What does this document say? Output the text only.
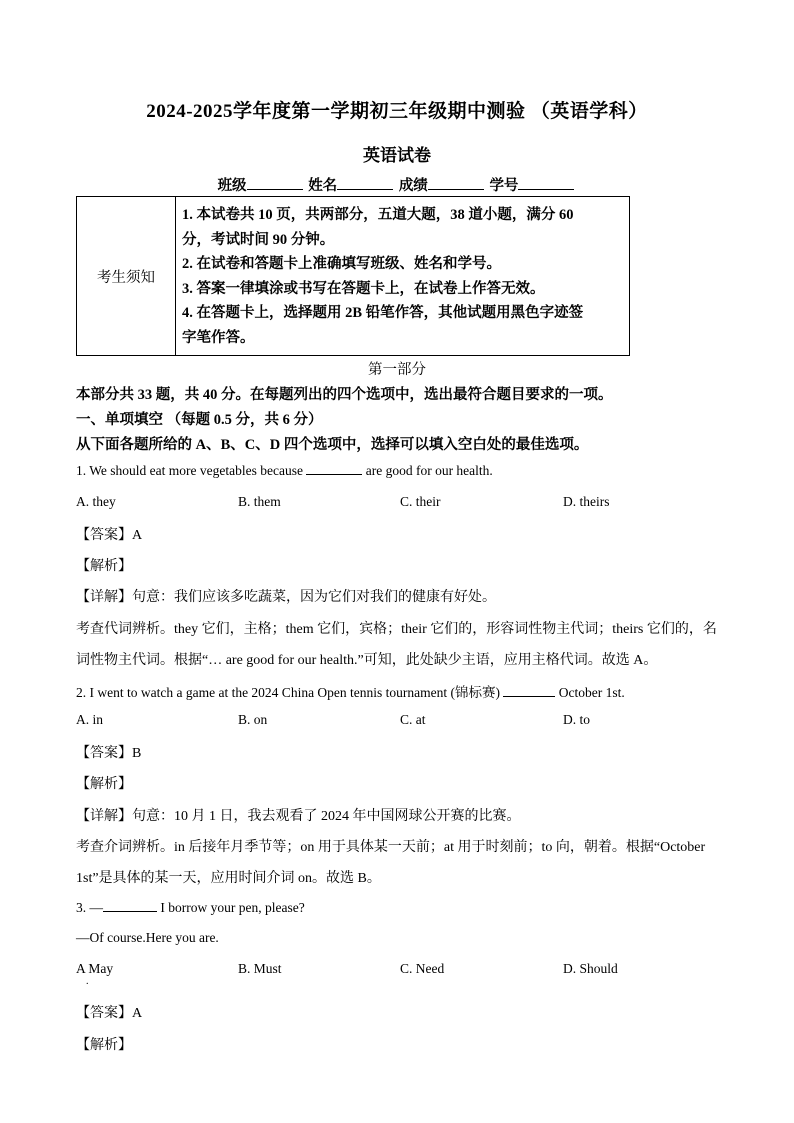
2024-2025学年度第一学期初三年级期中测验 （英语学科）
英语试卷
班级	姓名	成绩	学号
考生须知	
1. 本试卷共 10 页，共两部分，五道大题，38 道小题，满分 60
分，考试时间 90 分钟。
2. 在试卷和答题卡上准确填写班级、姓名和学号。
3. 答案一律填涂或书写在答题卡上，在试卷上作答无效。
4. 在答题卡上，选择题用 2B 铅笔作答，其他试题用黑色字迹签
字笔作答。
第一部分
本部分共 33 题，共 40 分。在每题列出的四个选项中，选出最符合题目要求的一项。
一、单项填空 （每题 0.5 分，共 6 分）
从下面各题所给的 A、B、C、D 四个选项中，选择可以填入空白处的最佳选项。
1. We should eat more vegetables because	are good for our health.
A. they	B. them	C. their	D. theirs
【答案】A
【解析】
【详解】句意：我们应该多吃蔬菜，因为它们对我们的健康有好处。
考查代词辨析。they 它们，主格；them 它们，宾格；their 它们的，形容词性物主代词；theirs 它们的，名
词性物主代词。根据“… are good for our health.”可知，此处缺少主语，应用主格代词。故选 A。
2. I went to watch a game at the 2024 China Open tennis tournament (锦标赛)	October 1st.
A. in	B. on	C. at	D. to
【答案】B
【解析】
【详解】句意：10 月 1 日，我去观看了 2024 年中国网球公开赛的比赛。
考查介词辨析。in 后接年月季节等；on 用于具体某一天前；at 用于时刻前；to 向，朝着。根据“October
1st”是具体的某一天，应用时间介词 on。故选 B。
3. —	I borrow your pen, please?
—Of course.Here you are.
A May	B. Must	C. Need	D. Should
.
【答案】A
【解析】
